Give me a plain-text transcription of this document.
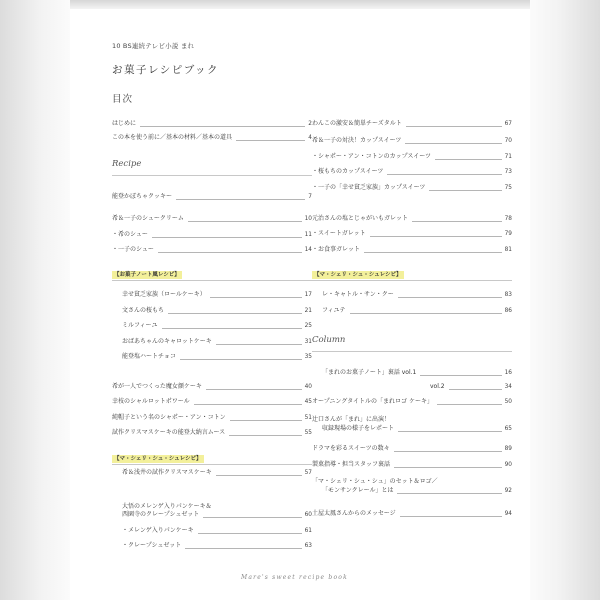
10 BS連続テレビ小説 まれ
お菓子レシピブック
目次
はじめに	2
この本を使う前に／基本の材料／基本の道具	4
Recipe
能登かぼちゃクッキー	7
希＆一子のシュークリーム	10
・希のシュー	11
・一子のシュー	14
【お菓子ノート風レシピ】
幸せ貧乏家族（ロールケーキ）	17
文さんの桜もち	21
ミルフィーユ	25
おばあちゃんのキャロットケーキ	31
能登塩ハートチョコ	35
希が一人でつくった魔女顔ケーキ	40
幸枝のシャルロットポワール	45
純帽子という名のシャポー・アン・コトン	51
試作クリスマスケーキの能登大納言ムース	55
【マ・シェリ・シュ・シュレシピ】
希＆浅井の試作クリスマスケーキ	57
大悟のメレンゲ入りパンケーキ＆
西園寺のクレープシュゼット	60
・メレンゲ入りパンケーキ	61
・クレープシュゼット	63
わんこの激安＆簡単チーズタルト	67
希＆一子の対決！カップスイーツ	70
・シャポー・アン・コトンのカップスイーツ	71
・桜もちのカップスイーツ	73
・一子の「幸せ貧乏家族」カップスイーツ	75
元治さんの塩とじゃがいもガレット	78
・スイートガレット	79
・お食事ガレット	81
【マ・シェリ・シュ・シュレシピ】
レ・キャトル・サン・クー	83
フィユテ	86
Column
「まれのお菓子ノート」裏話 vol.1	16
vol.2	34
オープニングタイトルの「まれロゴ ケーキ」	50
辻口さんが「まれ」に出演！
収録現場の様子をレポート	65
ドラマを彩るスイーツの数々	89
製菓指導・担当スタッフ裏話	90
「マ・シェリ・シュ・シュ」のセット＆ロゴ／
「モンサンクレール」とは	92
土屋太鳳さんからのメッセージ	94
Mare's sweet recipe book
